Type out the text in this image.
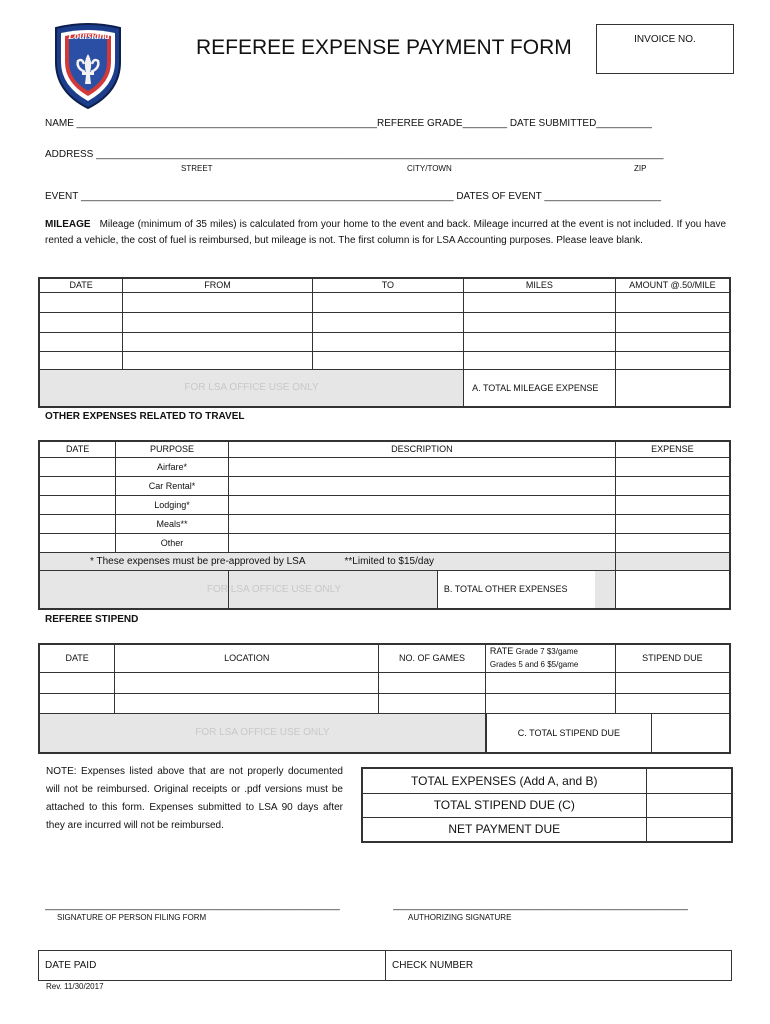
Louisiana	REFEREE EXPENSE PAYMENT FORM	INVOICE NO.
NAME ______________________________________________________REFEREE GRADE________ DATE SUBMITTED__________
ADDRESS ______________________________________________________________________________________________________
STREET	CITY/TOWN	ZIP
EVENT ___________________________________________________________________ DATES OF EVENT _____________________
MILEAGE Mileage (minimum of 35 miles) is calculated from your home to the event and back. Mileage incurred at the event is not included. If you have rented a vehicle, the cost of fuel is reimbursed, but mileage is not. The first column is for LSA Accounting purposes. Please leave blank.
DATE	FROM	TO	MILES	AMOUNT @.50/MILE

FOR LSA OFFICE USE ONLY			A. TOTAL MILEAGE EXPENSE	
OTHER EXPENSES RELATED TO TRAVEL
DATE	PURPOSE	DESCRIPTION	EXPENSE
	Airfare*		
	Car Rental*		
	Lodging*		
	Meals**		
	Other		
* These expenses must be pre-approved by LSA **Limited to $15/day			
		FOR LSA OFFICE USE ONLY B. TOTAL OTHER EXPENSES	
REFEREE STIPEND
DATE	LOCATION	NO. OF GAMES	RATE Grade 7 $3/game
Grades 5 and 6 $5/game	STIPEND DUE

FOR LSA OFFICE USE ONLY			C. TOTAL STIPEND DUE	
NOTE: Expenses listed above that are not properly documented will not be reimbursed. Original receipts or .pdf versions must be attached to this form. Expenses submitted to LSA 90 days after they are incurred will not be reimbursed.
TOTAL EXPENSES (Add A, and B)	
TOTAL STIPEND DUE (C)	
NET PAYMENT DUE	
_____________________________________________________
SIGNATURE OF PERSON FILING FORM
_____________________________________________________
AUTHORIZING SIGNATURE
DATE PAID	CHECK NUMBER
Rev. 11/30/2017
